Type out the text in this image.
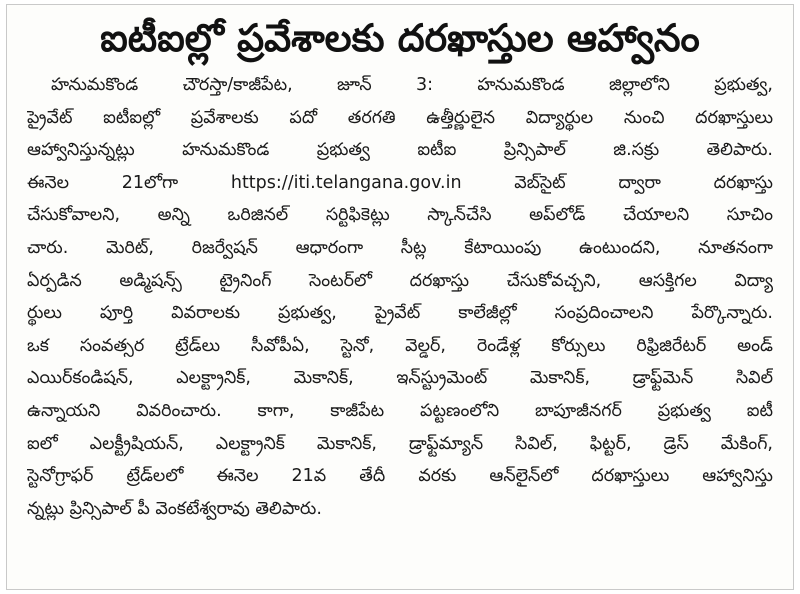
ఐటీఐల్లో ప్రవేశాలకు దరఖాస్తుల ఆహ్వానం
హనుమకొండ చౌరస్తా/కాజీపేట, జూన్ 3: హనుమకొండ జిల్లాలోని ప్రభుత్వ,
ప్రైవేట్ ఐటీఐల్లో ప్రవేశాలకు పదో తరగతి ఉత్తీర్ణులైన విద్యార్థుల నుంచి దరఖాస్తులు
ఆహ్వానిస్తున్నట్లు హనుమకొండ ప్రభుత్వ ఐటీఐ ప్రిన్సిపాల్ జి.సక్రు తెలిపారు.
ఈనెల 21లోగా https://iti.telangana.gov.in వెబ్‌సైట్ ద్వారా దరఖాస్తు
చేసుకోవాలని, అన్ని ఒరిజినల్ సర్టిఫికెట్లు స్కాన్‌చేసి అప్‌లోడ్ చేయాలని సూచిం
చారు. మెరిట్, రిజర్వేషన్ ఆధారంగా సీట్ల కేటాయింపు ఉంటుందని, నూతనంగా
ఏర్పడిన అడ్మిషన్స్ ట్రైనింగ్ సెంటర్‌లో దరఖాస్తు చేసుకోవచ్చని, ఆసక్తిగల విద్యా
ర్థులు పూర్తి వివరాలకు ప్రభుత్వ, ప్రైవేట్ కాలేజీల్లో సంప్రదించాలని పేర్కొన్నారు.
ఒక సంవత్సర ట్రేడ్‌లు సీవోపీఏ, స్టెనో, వెల్డర్, రెండేళ్ల కోర్సులు రిఫ్రిజిరేటర్ అండ్
ఎయిర్‌కండిషన్, ఎలక్ట్రానిక్, మెకానిక్, ఇన్‌స్ట్రుమెంట్ మెకానిక్, డ్రాఫ్ట్‌మెన్ సివిల్
ఉన్నాయని వివరించారు. కాగా, కాజీపేట పట్టణంలోని బాపూజీనగర్ ప్రభుత్వ ఐటీ
ఐలో ఎలక్ట్రీషియన్, ఎలక్ట్రానిక్ మెకానిక్, డ్రాఫ్ట్‌మ్యాన్ సివిల్, ఫిట్టర్, డ్రెస్ మేకింగ్,
స్టెనోగ్రాఫర్ ట్రేడ్‌లలో ఈనెల 21వ తేదీ వరకు ఆన్‌లైన్‌లో దరఖాస్తులు ఆహ్వానిస్తు
న్నట్లు ప్రిన్సిపాల్ పీ వెంకటేశ్వరావు తెలిపారు.
